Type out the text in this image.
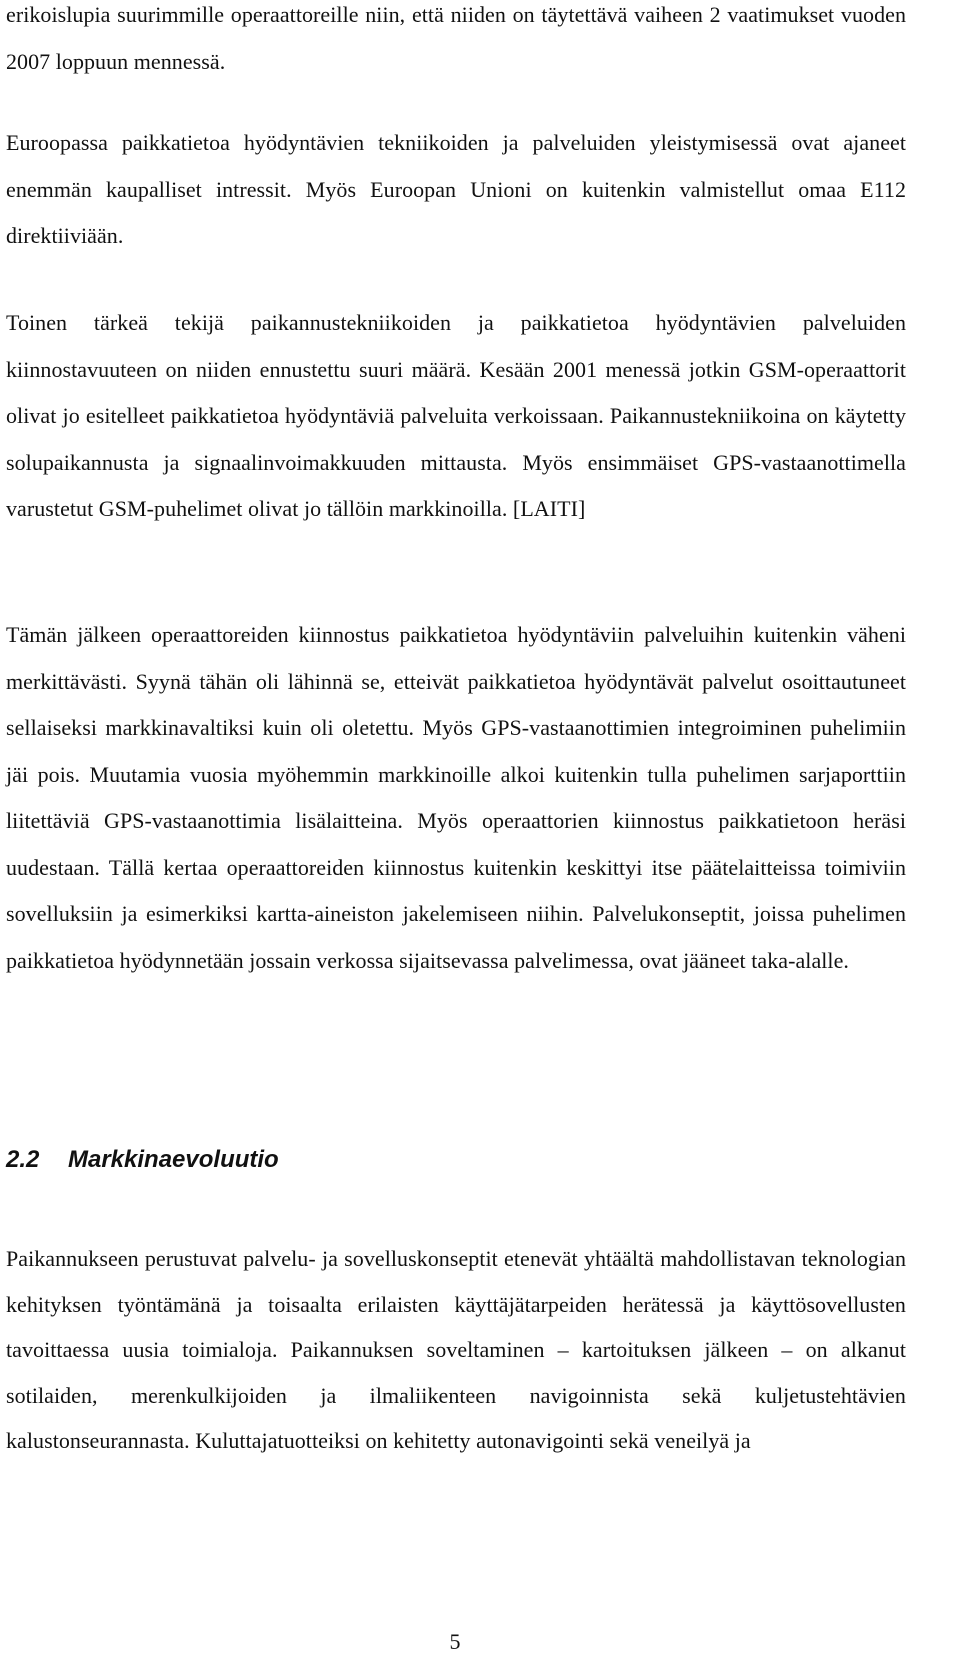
erikoislupia suurimmille operaattoreille niin, että niiden on täytettävä vaiheen 2 vaatimukset vuoden 2007 loppuun mennessä.

Euroopassa paikkatietoa hyödyntävien tekniikoiden ja palveluiden yleistymisessä ovat ajaneet enemmän kaupalliset intressit. Myös Euroopan Unioni on kuitenkin valmistellut omaa E112 direktiiviään.

Toinen tärkeä tekijä paikannustekniikoiden ja paikkatietoa hyödyntävien palveluiden kiinnostavuuteen on niiden ennustettu suuri määrä. Kesään 2001 menessä jotkin GSM-operaattorit olivat jo esitelleet paikkatietoa hyödyntäviä palveluita verkoissaan. Paikannustekniikoina on käytetty solupaikannusta ja signaalinvoimakkuuden mittausta. Myös ensimmäiset GPS-vastaanottimella varustetut GSM-puhelimet olivat jo tällöin markkinoilla. [LAITI]

Tämän jälkeen operaattoreiden kiinnostus paikkatietoa hyödyntäviin palveluihin kuitenkin väheni merkittävästi. Syynä tähän oli lähinnä se, etteivät paikkatietoa hyödyntävät palvelut osoittautuneet sellaiseksi markkinavaltiksi kuin oli oletettu. Myös GPS-vastaanottimien integroiminen puhelimiin jäi pois. Muutamia vuosia myöhemmin markkinoille alkoi kuitenkin tulla puhelimen sarjaporttiin liitettäviä GPS-vastaanottimia lisälaitteina. Myös operaattorien kiinnostus paikkatietoon heräsi uudestaan. Tällä kertaa operaattoreiden kiinnostus kuitenkin keskittyi itse päätelaitteissa toimiviin sovelluksiin ja esimerkiksi kartta-aineiston jakelemiseen niihin. Palvelukonseptit, joissa puhelimen paikkatietoa hyödynnetään jossain verkossa sijaitsevassa palvelimessa, ovat jääneet taka-alalle.

2.2 Markkinaevoluutio

Paikannukseen perustuvat palvelu- ja sovelluskonseptit etenevät yhtäältä mahdollistavan teknologian kehityksen työntämänä ja toisaalta erilaisten käyttäjätarpeiden herätessä ja käyttösovellusten tavoittaessa uusia toimialoja. Paikannuksen soveltaminen – kartoituksen jälkeen – on alkanut sotilaiden, merenkulkijoiden ja ilmaliikenteen navigoinnista sekä kuljetustehtävien kalustonseurannasta. Kuluttajatuotteiksi on kehitetty autonavigointi sekä veneilyä ja

5
